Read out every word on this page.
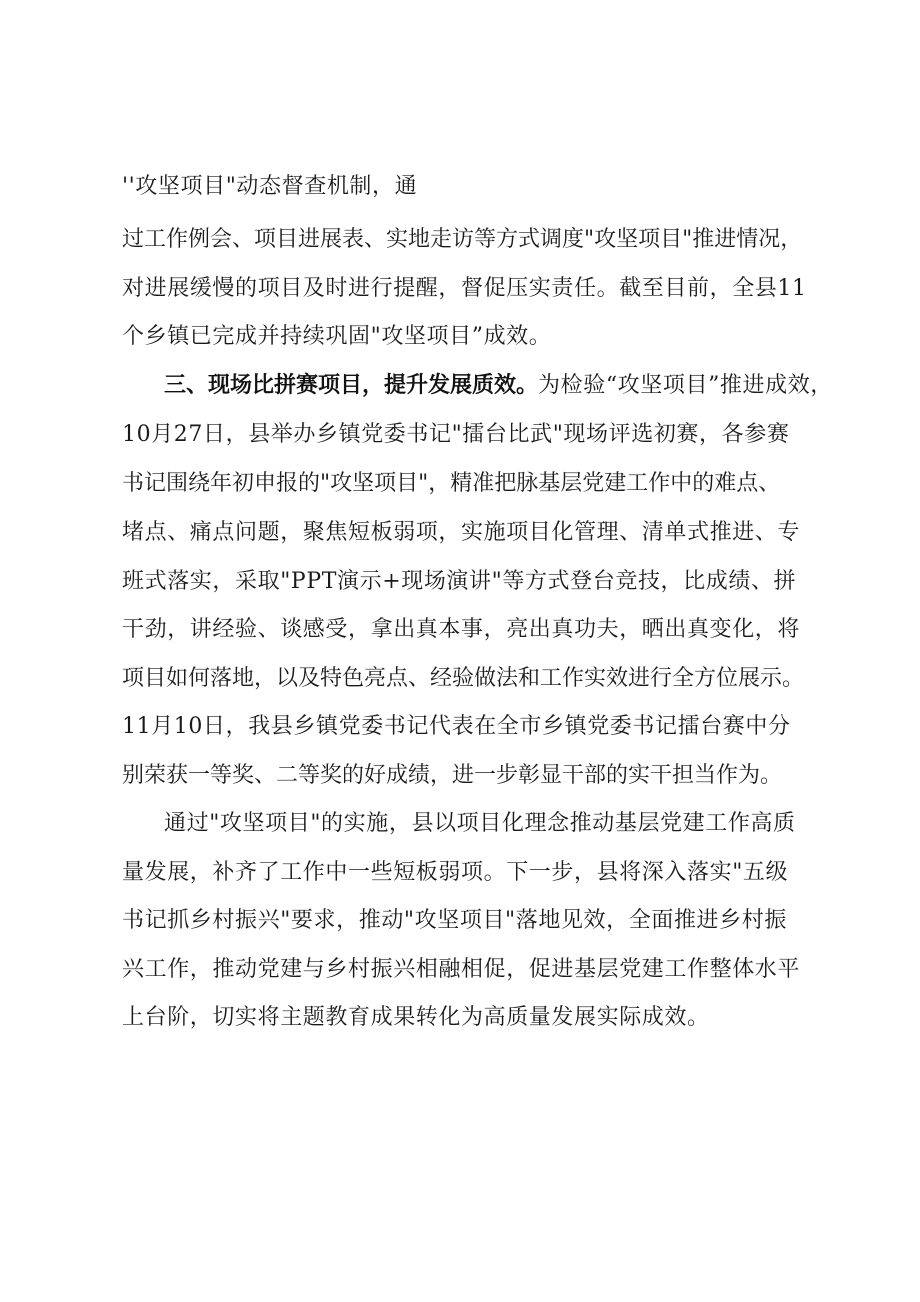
''攻坚项目"动态督查机制，通
过工作例会、项目进展表、实地走访等方式调度"攻坚项目"推进情况，
对进展缓慢的项目及时进行提醒，督促压实责任。截至目前，全县11
个乡镇已完成并持续巩固"攻坚项目”成效。
三、现场比拼赛项目，提升发展质效。为检验“攻坚项目”推进成效，
10月27日，县举办乡镇党委书记"擂台比武"现场评选初赛，各参赛
书记围绕年初申报的"攻坚项目"，精准把脉基层党建工作中的难点、
堵点、痛点问题，聚焦短板弱项，实施项目化管理、清单式推进、专
班式落实，采取"PPT演示+现场演讲"等方式登台竞技，比成绩、拼
干劲，讲经验、谈感受，拿出真本事，亮出真功夫，晒出真变化，将
项目如何落地，以及特色亮点、经验做法和工作实效进行全方位展示。
11月10日，我县乡镇党委书记代表在全市乡镇党委书记擂台赛中分
别荣获一等奖、二等奖的好成绩，进一步彰显干部的实干担当作为。
通过"攻坚项目"的实施，县以项目化理念推动基层党建工作高质
量发展，补齐了工作中一些短板弱项。下一步，县将深入落实"五级
书记抓乡村振兴"要求，推动"攻坚项目"落地见效，全面推进乡村振
兴工作，推动党建与乡村振兴相融相促，促进基层党建工作整体水平
上台阶，切实将主题教育成果转化为高质量发展实际成效。
